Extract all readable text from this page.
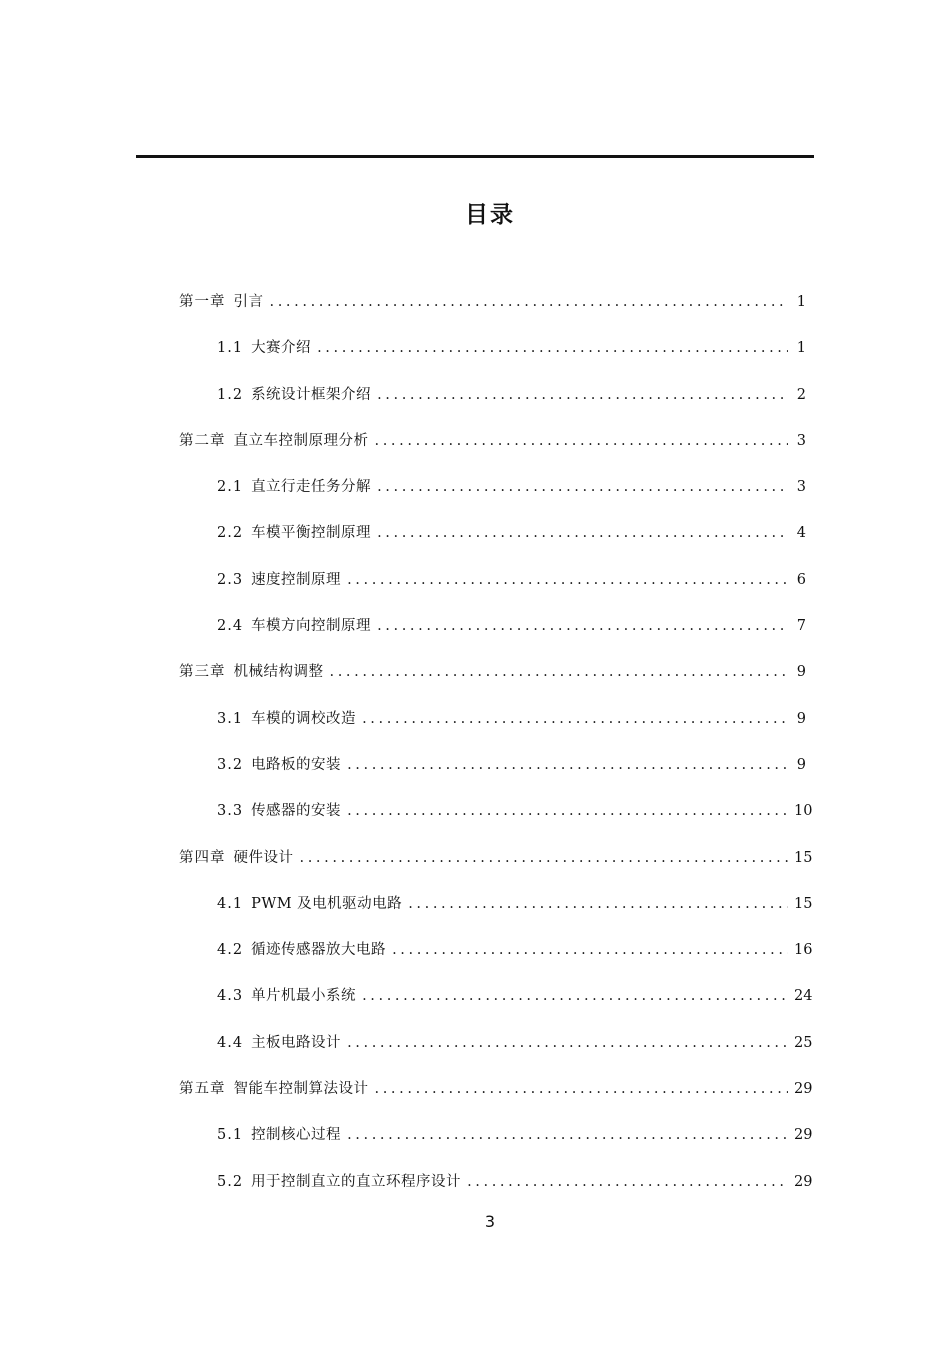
目录
第一章 引言 . . .	1
1.1 大赛介绍 . . .	1
1.2 系统设计框架介绍 . . .	2
第二章 直立车控制原理分析 . . .	3
2.1 直立行走任务分解 . . .	3
2.2 车模平衡控制原理 . . .	4
2.3 速度控制原理 . . .	6
2.4 车模方向控制原理 . . .	7
第三章 机械结构调整 . . .	9
3.1 车模的调校改造 . . .	9
3.2 电路板的安装 . . .	9
3.3 传感器的安装 . . .	10
第四章 硬件设计 . . .	15
4.1 PWM 及电机驱动电路 . . .	15
4.2 循迹传感器放大电路 . . .	16
4.3 单片机最小系统 . . .	24
4.4 主板电路设计 . . .	25
第五章 智能车控制算法设计 . . .	29
5.1 控制核心过程 . . .	29
5.2 用于控制直立的直立环程序设计 . . .	29
3
